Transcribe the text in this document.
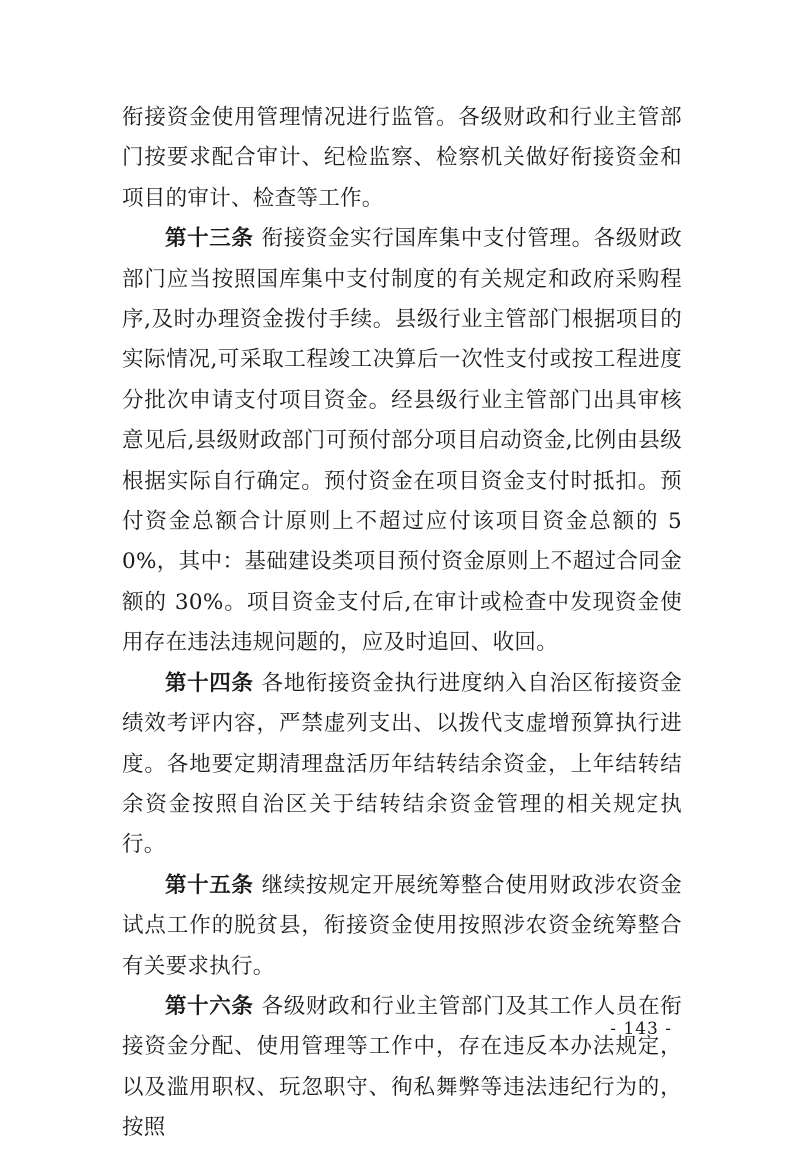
衔接资金使用管理情况进行监管。各级财政和行业主管部门按要求配合审计、纪检监察、检察机关做好衔接资金和项目的审计、检查等工作。

第十三条 衔接资金实行国库集中支付管理。各级财政部门应当按照国库集中支付制度的有关规定和政府采购程序,及时办理资金拨付手续。县级行业主管部门根据项目的实际情况,可采取工程竣工决算后一次性支付或按工程进度分批次申请支付项目资金。经县级行业主管部门出具审核意见后,县级财政部门可预付部分项目启动资金,比例由县级根据实际自行确定。预付资金在项目资金支付时抵扣。预付资金总额合计原则上不超过应付该项目资金总额的 50%，其中：基础建设类项目预付资金原则上不超过合同金额的 30%。项目资金支付后,在审计或检查中发现资金使用存在违法违规问题的，应及时追回、收回。

第十四条 各地衔接资金执行进度纳入自治区衔接资金绩效考评内容，严禁虚列支出、以拨代支虚增预算执行进度。各地要定期清理盘活历年结转结余资金，上年结转结余资金按照自治区关于结转结余资金管理的相关规定执行。

第十五条 继续按规定开展统筹整合使用财政涉农资金试点工作的脱贫县，衔接资金使用按照涉农资金统筹整合有关要求执行。

第十六条 各级财政和行业主管部门及其工作人员在衔接资金分配、使用管理等工作中，存在违反本办法规定，以及滥用职权、玩忽职守、徇私舞弊等违法违纪行为的，按照

- 143 -
